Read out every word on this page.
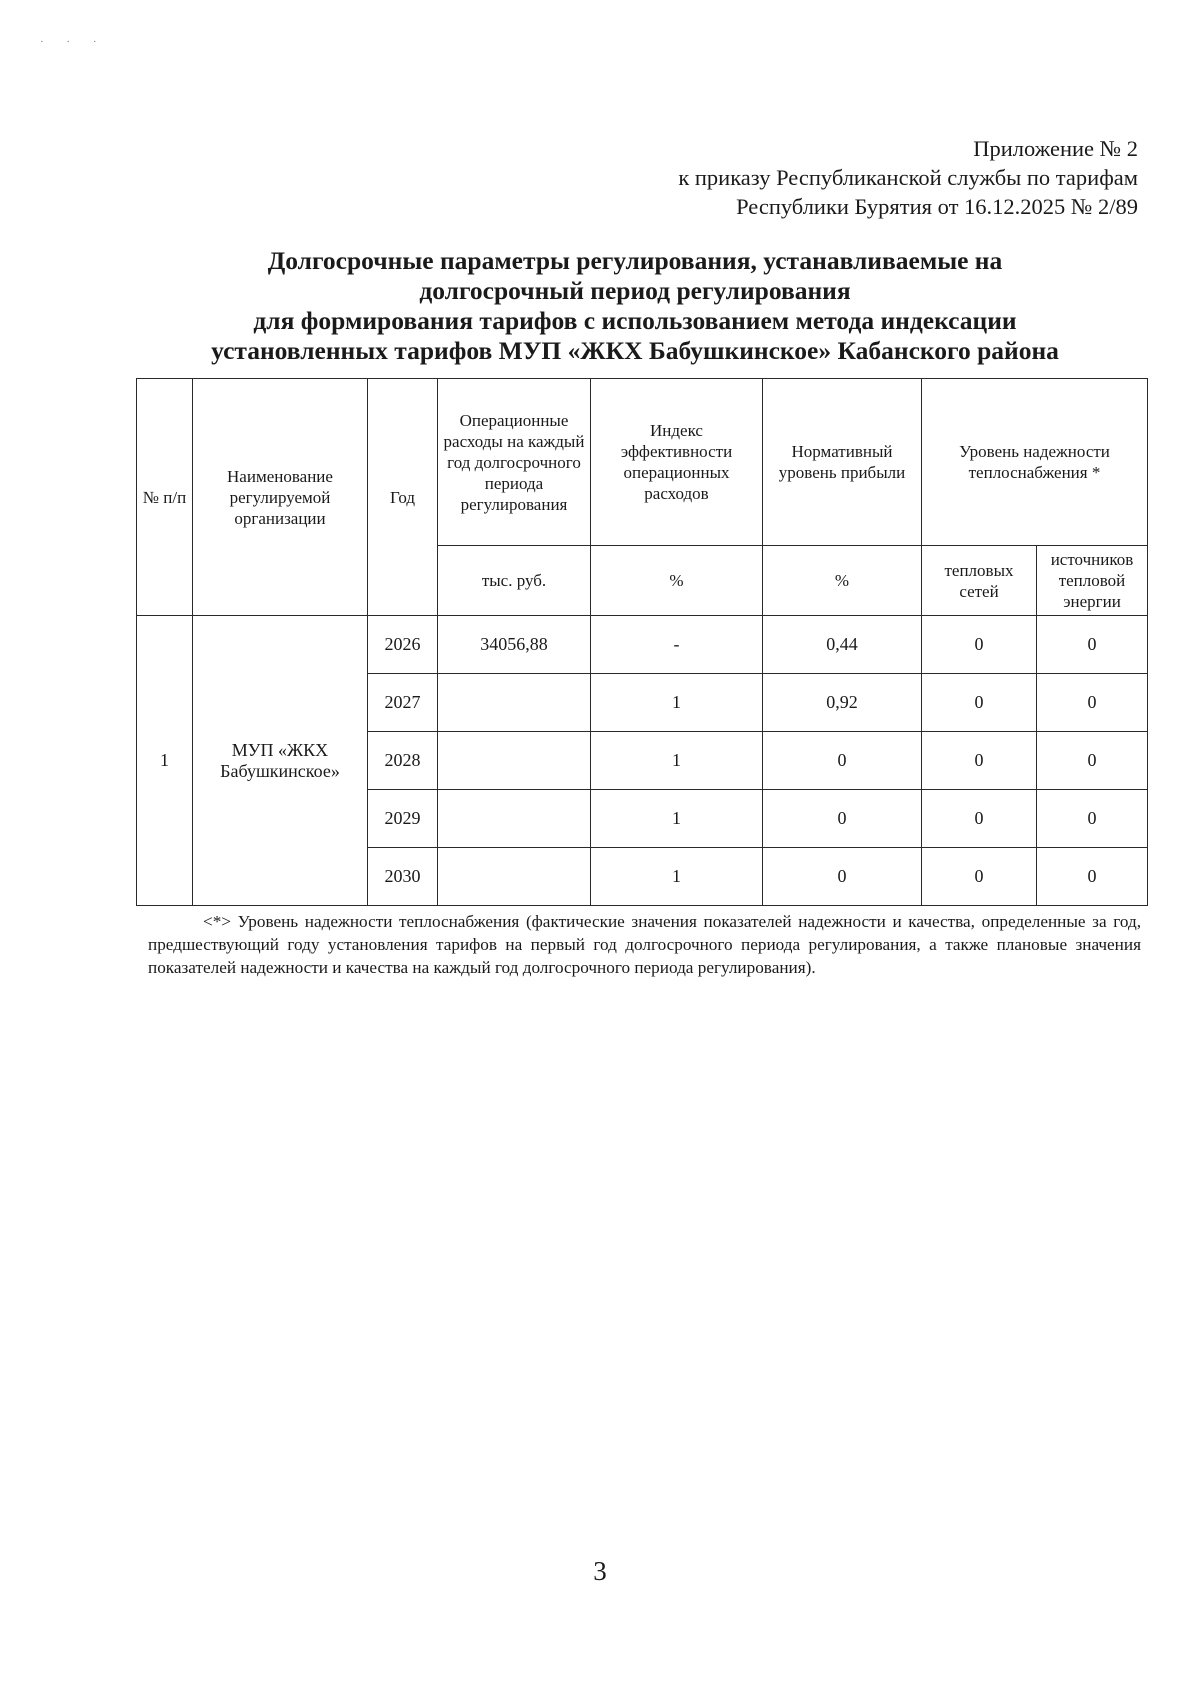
· · ·
Приложение № 2
к приказу Республиканской службы по тарифам
Республики Бурятия от 16.12.2025 № 2/89
Долгосрочные параметры регулирования, устанавливаемые на
долгосрочный период регулирования
для формирования тарифов с использованием метода индексации
установленных тарифов МУП «ЖКХ Бабушкинское» Кабанского района
№ п/п	Наименование регулируемой организации	Год	Операционные расходы на каждый год долгосрочного периода регулирования	Индекс эффективности операционных расходов	Нормативный уровень прибыли	Уровень надежности теплоснабжения *	
			тыс. руб.	%	%	тепловых сетей	источников тепловой энергии
1	МУП «ЖКХ Бабушкинское»	2026	34056,88	-	0,44	0	0
		2027		1	0,92	0	0
		2028		1	0	0	0
		2029		1	0	0	0
		2030		1	0	0	0
<*> Уровень надежности теплоснабжения (фактические значения показателей надежности и качества, определенные за год, предшествующий году установления тарифов на первый год долгосрочного периода регулирования, а также плановые значения показателей надежности и качества на каждый год долгосрочного периода регулирования).
3
